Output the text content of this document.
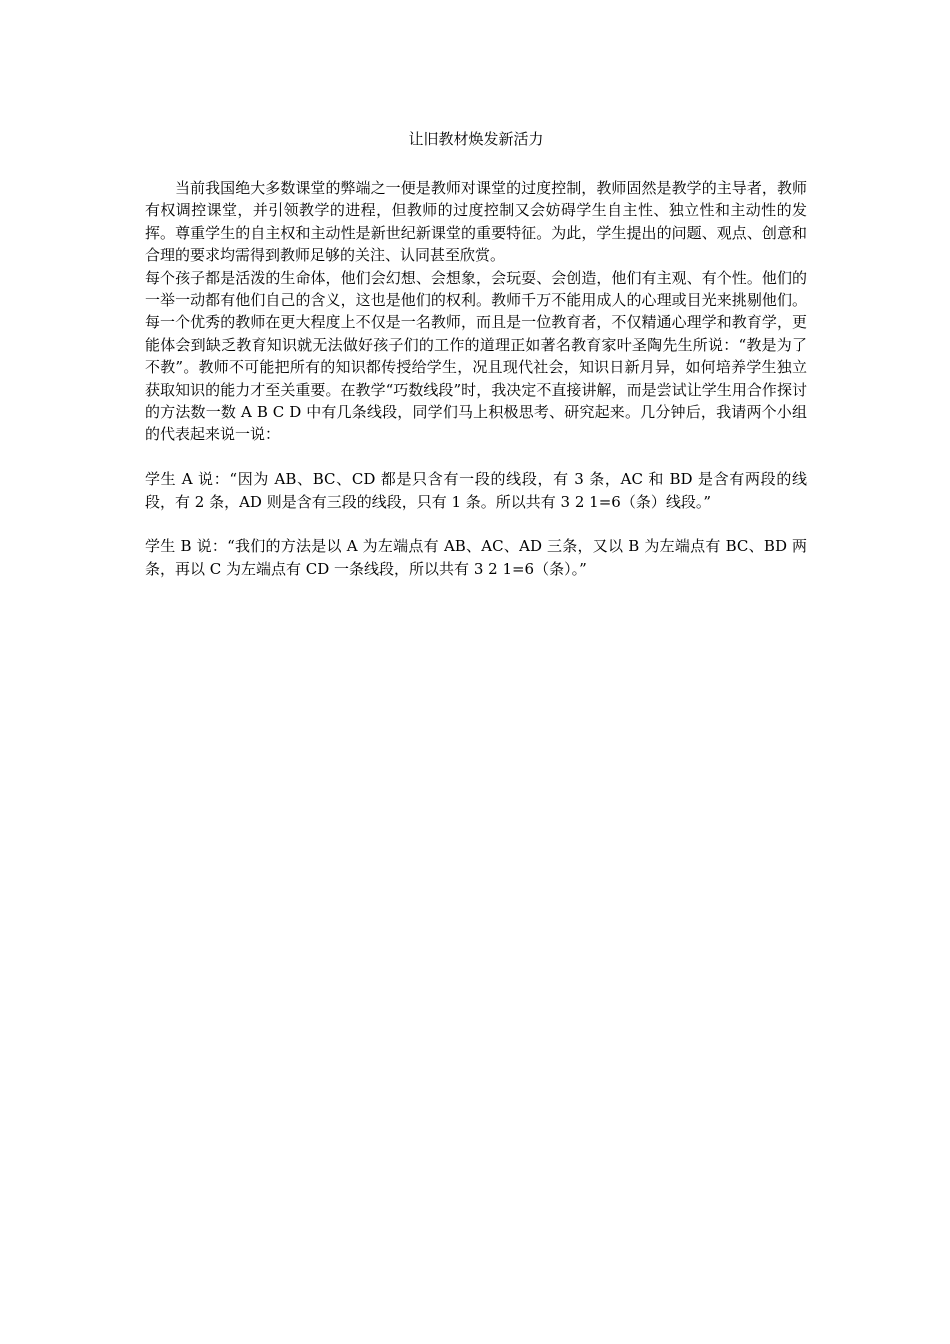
让旧教材焕发新活力

当前我国绝大多数课堂的弊端之一便是教师对课堂的过度控制，教师固然是教学的主导者，教师有权调控课堂，并引领教学的进程，但教师的过度控制又会妨碍学生自主性、独立性和主动性的发挥。尊重学生的自主权和主动性是新世纪新课堂的重要特征。为此，学生提出的问题、观点、创意和合理的要求均需得到教师足够的关注、认同甚至欣赏。

每个孩子都是活泼的生命体，他们会幻想、会想象，会玩耍、会创造，他们有主观、有个性。他们的一举一动都有他们自己的含义，这也是他们的权利。教师千万不能用成人的心理或目光来挑剔他们。每一个优秀的教师在更大程度上不仅是一名教师，而且是一位教育者，不仅精通心理学和教育学，更能体会到缺乏教育知识就无法做好孩子们的工作的道理正如著名教育家叶圣陶先生所说：“教是为了不教”。教师不可能把所有的知识都传授给学生，况且现代社会，知识日新月异，如何培养学生独立获取知识的能力才至关重要。在教学“巧数线段”时，我决定不直接讲解，而是尝试让学生用合作探讨的方法数一数 A B C D 中有几条线段，同学们马上积极思考、研究起来。几分钟后，我请两个小组的代表起来说一说：

学生 A 说：“因为 AB、BC、CD 都是只含有一段的线段，有 3 条，AC 和 BD 是含有两段的线段，有 2 条，AD 则是含有三段的线段，只有 1 条。所以共有 3 2 1=6（条）线段。”

学生 B 说：“我们的方法是以 A 为左端点有 AB、AC、AD 三条，又以 B 为左端点有 BC、BD 两条，再以 C 为左端点有 CD 一条线段，所以共有 3 2 1=6（条）。”
